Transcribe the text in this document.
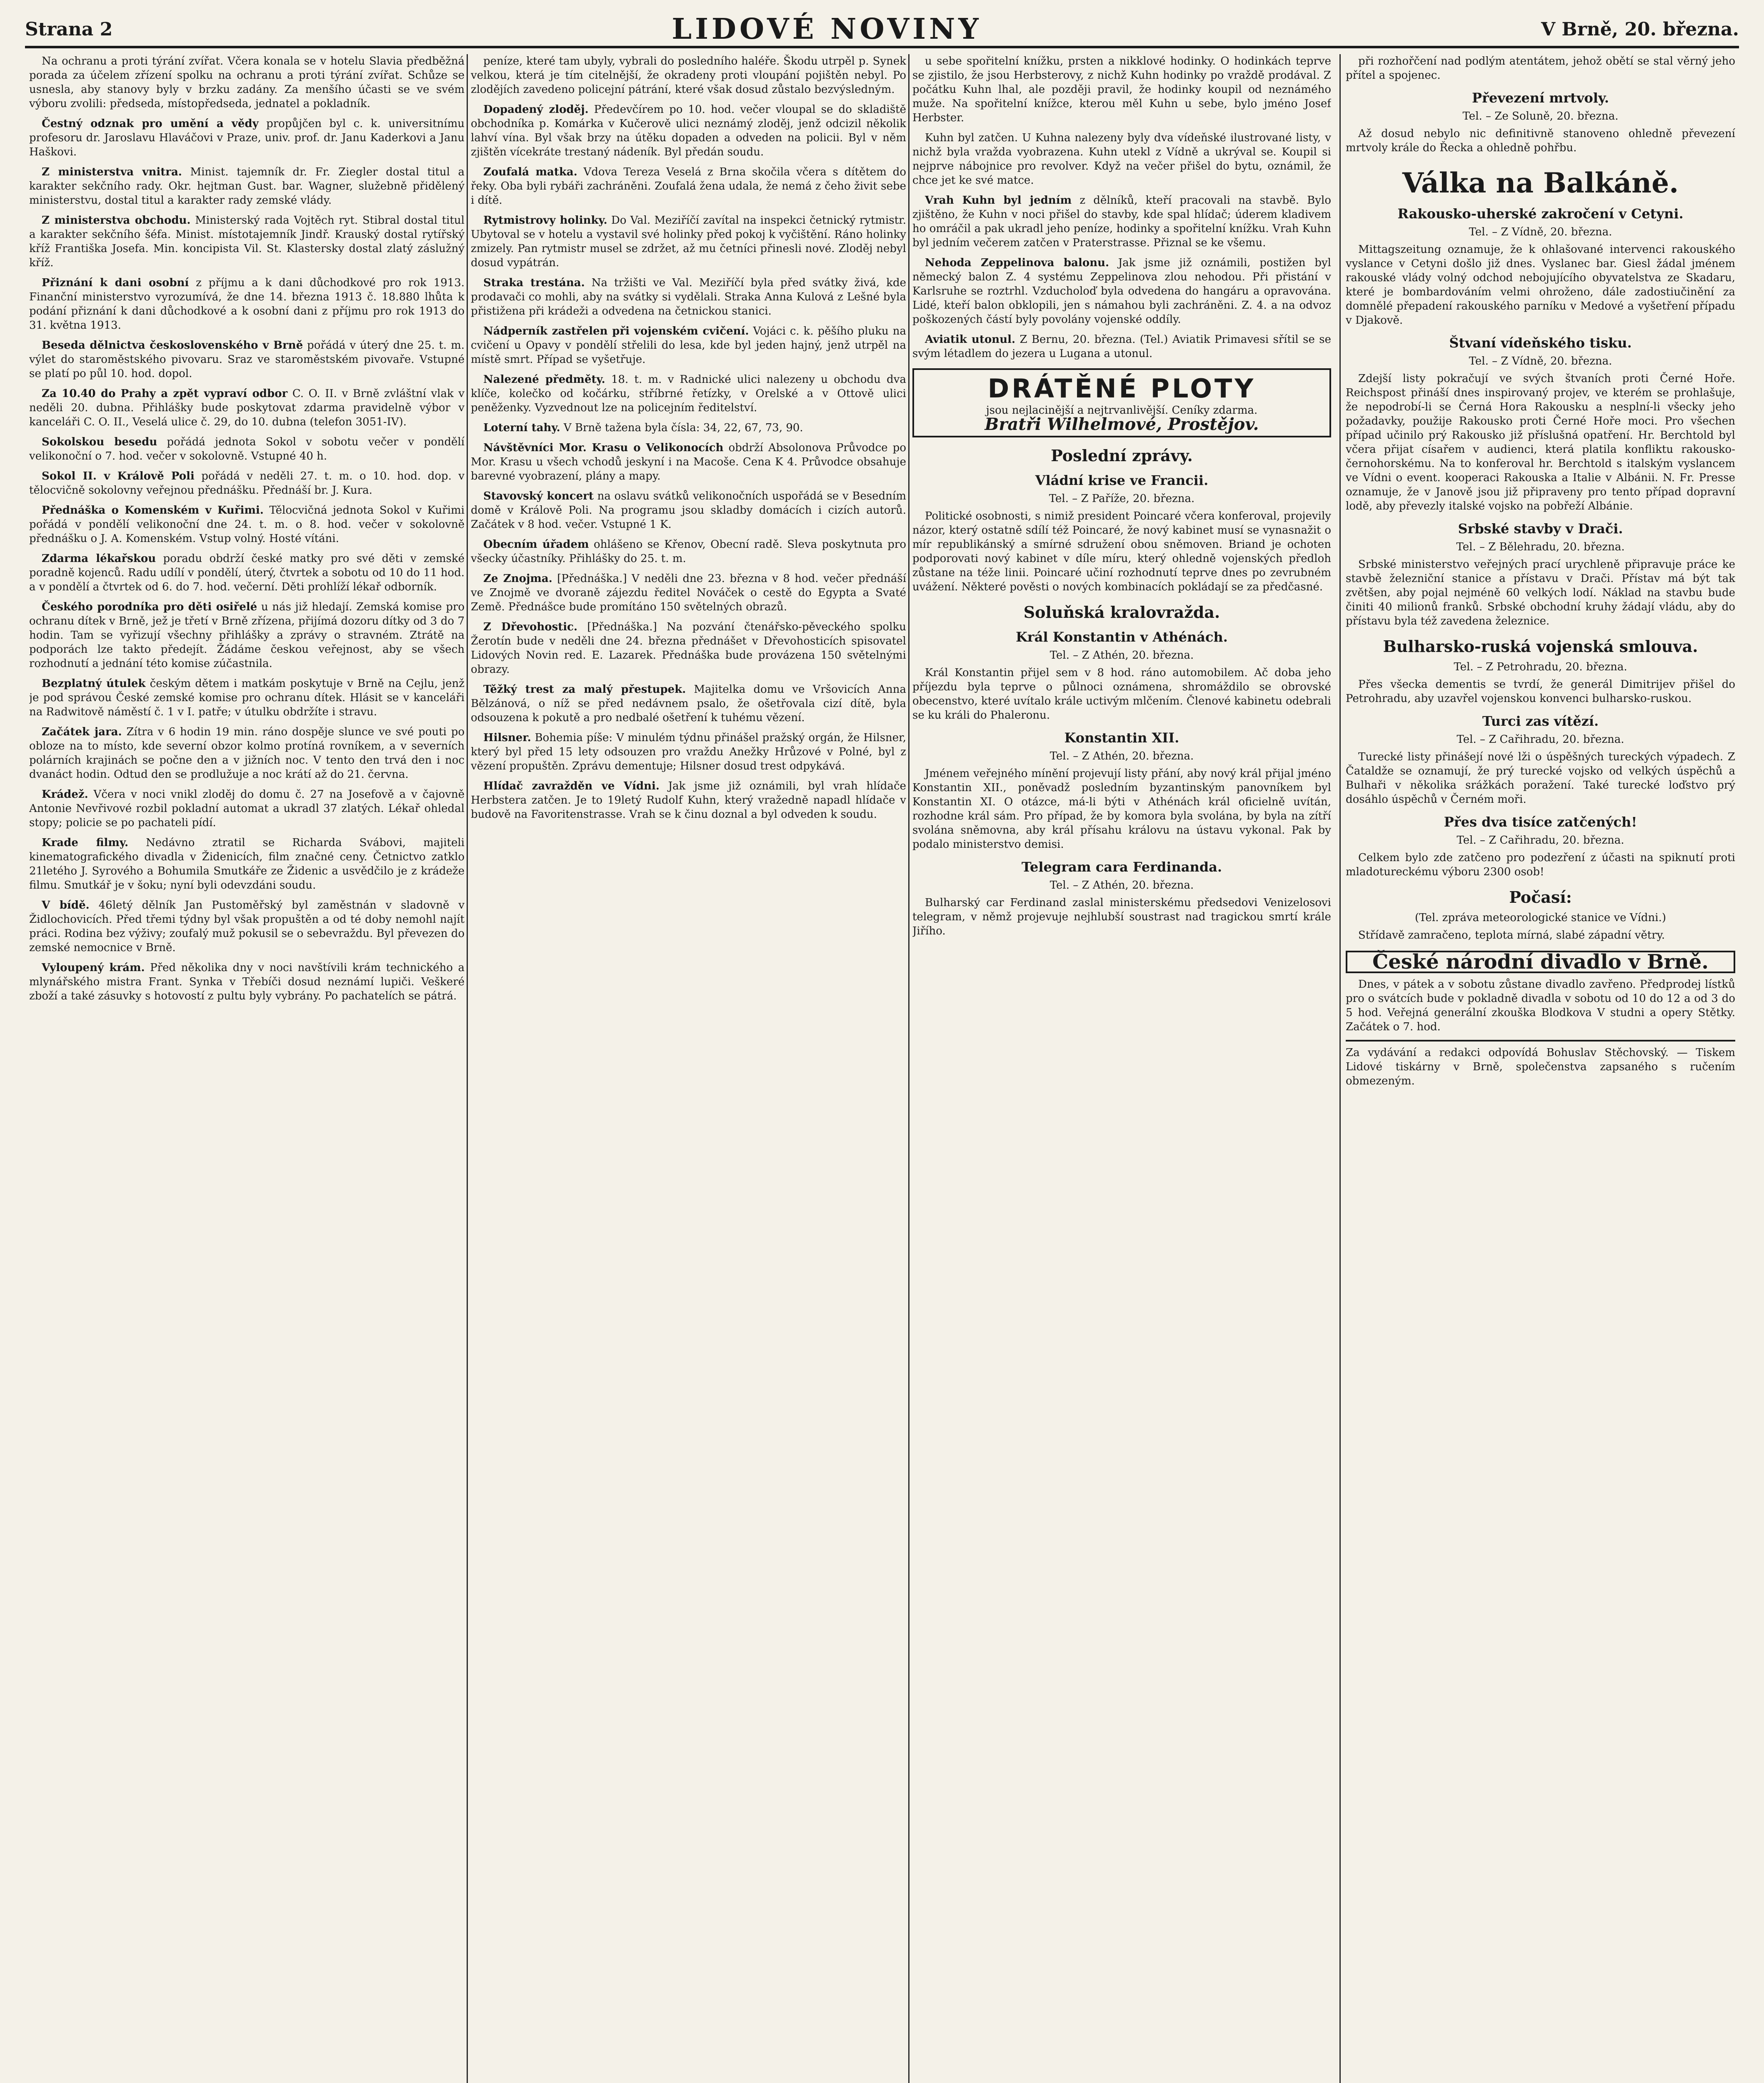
Strana 2	LIDOVÉ NOVINY	V Brně, 20. března.

Na ochranu a proti týrání zvířat. Včera konala se v hotelu Slavia předběžná porada za účelem zřízení spolku na ochranu a proti týrání zvířat. Schůze se usnesla, aby stanovy byly v brzku zadány. Za menšího účasti se ve svém výboru zvolili: předseda, místopředseda, jednatel a pokladník.

Čestný odznak pro umění a vědy propůjčen byl c. k. universitnímu profesoru dr. Jaroslavu Hlaváčovi v Praze, univ. prof. dr. Janu Kaderkovi a Janu Haškovi.

Z ministerstva vnitra. Minist. tajemník dr. Fr. Ziegler dostal titul a karakter sekčního rady. Okr. hejtman Gust. bar. Wagner, služebně přidělený ministerstvu, dostal titul a karakter rady zemské vlády.

Z ministerstva obchodu. Ministerský rada Vojtěch ryt. Stibral dostal titul a karakter sekčního šéfa. Minist. místotajemník Jindř. Krauský dostal rytířský kříž Františka Josefa. Min. koncipista Vil. St. Klastersky dostal zlatý záslužný kříž.

Přiznání k dani osobní z příjmu a k dani důchodkové pro rok 1913. Finanční ministerstvo vyrozumívá, že dne 14. března 1913 č. 18.880 lhůta k podání přiznání k dani důchodkové a k osobní dani z příjmu pro rok 1913 do 31. května 1913.

Beseda dělnictva československého v Brně pořádá v úterý dne 25. t. m. výlet do staroměstského pivovaru. Sraz ve staroměstském pivovaře. Vstupné se platí po půl 10. hod. dopol.

Za 10.40 do Prahy a zpět vypraví odbor C. O. II. v Brně zvláštní vlak v neděli 20. dubna. Přihlášky bude poskytovat zdarma pravidelně výbor v kanceláři C. O. II., Veselá ulice č. 29, do 10. dubna (telefon 3051-IV).

Sokolskou besedu pořádá jednota Sokol v sobotu večer v pondělí velikonoční o 7. hod. večer v sokolovně. Vstupné 40 h.

Sokol II. v Králově Poli pořádá v neděli 27. t. m. o 10. hod. dop. v tělocvičně sokolovny veřejnou přednášku. Přednáší br. J. Kura.

Přednáška o Komenském v Kuřimi. Tělocvičná jednota Sokol v Kuřimi pořádá v pondělí velikonoční dne 24. t. m. o 8. hod. večer v sokolovně přednášku o J. A. Komenském. Vstup volný. Hosté vítáni.

Zdarma lékařskou poradu obdrží české matky pro své děti v zemské poradně kojenců. Radu udílí v pondělí, úterý, čtvrtek a sobotu od 10 do 11 hod. a v pondělí a čtvrtek od 6. do 7. hod. večerní. Děti prohlíží lékař odborník.

Českého porodníka pro děti osiřelé u nás již hledají. Zemská komise pro ochranu dítek v Brně, jež je třetí v Brně zřízena, přijímá dozoru dítky od 3 do 7 hodin. Tam se vyřizují všechny přihlášky a zprávy o stravném. Ztrátě na podporách lze takto předejít. Žádáme českou veřejnost, aby se všech rozhodnutí a jednání této komise zúčastnila.

Bezplatný útulek českým dětem i matkám poskytuje v Brně na Cejlu, jenž je pod správou České zemské komise pro ochranu dítek. Hlásit se v kanceláři na Radwitově náměstí č. 1 v I. patře; v útulku obdržíte i stravu.

Začátek jara. Zítra v 6 hodin 19 min. ráno dospěje slunce ve své pouti po obloze na to místo, kde severní obzor kolmo protíná rovníkem, a v severních polárních krajinách se počne den a v jižních noc. V tento den trvá den i noc dvanáct hodin. Odtud den se prodlužuje a noc krátí až do 21. června.

Krádež. Včera v noci vnikl zloděj do domu č. 27 na Josefově a v čajovně Antonie Nevřivové rozbil pokladní automat a ukradl 37 zlatých. Lékař ohledal stopy; policie se po pachateli pídí.

Krade filmy. Nedávno ztratil se Richarda Svábovi, majiteli kinematografického divadla v Židenicích, film značné ceny. Četnictvo zatklo 21letého J. Syrového a Bohumila Smutkáře ze Židenic a usvědčilo je z krádeže filmu. Smutkář je v šoku; nyní byli odevzdáni soudu.

V bídě. 46letý dělník Jan Pustoměřský byl zaměstnán v sladovně v Židlochovicích. Před třemi týdny byl však propuštěn a od té doby nemohl najít práci. Rodina bez výživy; zoufalý muž pokusil se o sebevraždu. Byl převezen do zemské nemocnice v Brně.

Vyloupený krám. Před několika dny v noci navštívili krám technického a mlynářského mistra Frant. Synka v Třebíči dosud neznámí lupiči. Veškeré zboží a také zásuvky s hotovostí z pultu byly vybrány. Po pachatelích se pátrá.

peníze, které tam ubyly, vybrali do posledního haléře. Škodu utrpěl p. Synek velkou, která je tím citelnější, že okradeny proti vloupání pojištěn nebyl. Po zlodějích zavedeno policejní pátrání, které však dosud zůstalo bezvýsledným.

Dopadený zloděj. Předevčírem po 10. hod. večer vloupal se do skladiště obchodníka p. Komárka v Kučerově ulici neznámý zloděj, jenž odcizil několik lahví vína. Byl však brzy na útěku dopaden a odveden na policii. Byl v něm zjištěn vícekráte trestaný nádeník. Byl předán soudu.

Zoufalá matka. Vdova Tereza Veselá z Brna skočila včera s dítětem do řeky. Oba byli rybáři zachráněni. Zoufalá žena udala, že nemá z čeho živit sebe i dítě.

Rytmistrovy holinky. Do Val. Meziříčí zavítal na inspekci četnický rytmistr. Ubytoval se v hotelu a vystavil své holinky před pokoj k vyčištění. Ráno holinky zmizely. Pan rytmistr musel se zdržet, až mu četníci přinesli nové. Zloděj nebyl dosud vypátrán.

Straka trestána. Na tržišti ve Val. Meziříčí byla před svátky živá, kde prodavači co mohli, aby na svátky si vydělali. Straka Anna Kulová z Lešné byla přistižena při krádeži a odvedena na četnickou stanici.

Nádperník zastřelen při vojenském cvičení. Vojáci c. k. pěšího pluku na cvičení u Opavy v pondělí střelili do lesa, kde byl jeden hajný, jenž utrpěl na místě smrt. Případ se vyšetřuje.

Nalezené předměty. 18. t. m. v Radnické ulici nalezeny u obchodu dva klíče, kolečko od kočárku, stříbrné řetízky, v Orelské a v Ottově ulici peněženky. Vyzvednout lze na policejním ředitelství.

Loterní tahy. V Brně tažena byla čísla: 34, 22, 67, 73, 90.

Návštěvníci Mor. Krasu o Velikonocích obdrží Absolonova Průvodce po Mor. Krasu u všech vchodů jeskyní i na Macoše. Cena K 4. Průvodce obsahuje barevné vyobrazení, plány a mapy.

Stavovský koncert na oslavu svátků velikonočních uspořádá se v Besedním domě v Králově Poli. Na programu jsou skladby domácích i cizích autorů. Začátek v 8 hod. večer. Vstupné 1 K.

Obecním úřadem ohlášeno se Křenov, Obecní radě. Sleva poskytnuta pro všecky účastníky. Přihlášky do 25. t. m.

Ze Znojma. [Přednáška.] V neděli dne 23. března v 8 hod. večer přednáší ve Znojmě ve dvoraně zájezdu ředitel Nováček o cestě do Egypta a Svaté Země. Přednášce bude promítáno 150 světelných obrazů.

Z Dřevohostic. [Přednáška.] Na pozvání čtenářsko-pěveckého spolku Žerotín bude v neděli dne 24. března přednášet v Dřevohosticích spisovatel Lidových Novin red. E. Lazarek. Přednáška bude provázena 150 světelnými obrazy.

Těžký trest za malý přestupek. Majitelka domu ve Vršovicích Anna Bělzánová, o níž se před nedávnem psalo, že ošetřovala cizí dítě, byla odsouzena k pokutě a pro nedbalé ošetření k tuhému vězení.

Hilsner. Bohemia píše: V minulém týdnu přinášel pražský orgán, že Hilsner, který byl před 15 lety odsouzen pro vraždu Anežky Hrůzové v Polné, byl z vězení propuštěn. Zprávu dementuje; Hilsner dosud trest odpykává.

Hlídač zavražděn ve Vídni. Jak jsme již oznámili, byl vrah hlídače Herbstera zatčen. Je to 19letý Rudolf Kuhn, který vražedně napadl hlídače v budově na Favoritenstrasse. Vrah se k činu doznal a byl odveden k soudu.

u sebe spořitelní knížku, prsten a nikklové hodinky. O hodinkách teprve se zjistilo, že jsou Herbsterovy, z nichž Kuhn hodinky po vraždě prodával. Z počátku Kuhn lhal, ale později pravil, že hodinky koupil od neznámého muže. Na spořitelní knížce, kterou měl Kuhn u sebe, bylo jméno Josef Herbster.

Kuhn byl zatčen. U Kuhna nalezeny byly dva vídeňské ilustrované listy, v nichž byla vražda vyobrazena. Kuhn utekl z Vídně a ukrýval se. Koupil si nejprve nábojnice pro revolver. Když na večer přišel do bytu, oznámil, že chce jet ke své matce.

Vrah Kuhn byl jedním z dělníků, kteří pracovali na stavbě. Bylo zjištěno, že Kuhn v noci přišel do stavby, kde spal hlídač; úderem kladivem ho omráčil a pak ukradl jeho peníze, hodinky a spořitelní knížku. Vrah Kuhn byl jedním večerem zatčen v Praterstrasse. Přiznal se ke všemu.

Nehoda Zeppelinova balonu. Jak jsme již oznámili, postižen byl německý balon Z. 4 systému Zeppelinova zlou nehodou. Při přistání v Karlsruhe se roztrhl. Vzducholoď byla odvedena do hangáru a opravována. Lidé, kteří balon obklopili, jen s námahou byli zachráněni. Z. 4. a na odvoz poškozených částí byly povolány vojenské oddíly.

Aviatik utonul. Z Bernu, 20. března. (Tel.) Aviatik Primavesi sřítil se se svým létadlem do jezera u Lugana a utonul.

DRÁTĚNÉ PLOTY
jsou nejlacinější a nejtrvanlivější. Ceníky zdarma.
Bratři Wilhelmové, Prostějov.
Poslední zprávy.
Vládní krise ve Francii.
Tel. – Z Paříže, 20. března.

Politické osobnosti, s nimiž president Poincaré včera konferoval, projevily názor, který ostatně sdílí též Poincaré, že nový kabinet musí se vynasnažit o mír republikánský a smírné sdružení obou sněmoven. Briand je ochoten podporovati nový kabinet v díle míru, který ohledně vojenských předloh zůstane na téže linii. Poincaré učiní rozhodnutí teprve dnes po zevrubném uvážení. Některé pověsti o nových kombinacích pokládají se za předčasné.

Soluňská kralovražda.
Král Konstantin v Athénách.
Tel. – Z Athén, 20. března.

Král Konstantin přijel sem v 8 hod. ráno automobilem. Ač doba jeho příjezdu byla teprve o půlnoci oznámena, shromáždilo se obrovské obecenstvo, které uvítalo krále uctivým mlčením. Členové kabinetu odebrali se ku králi do Phaleronu.

Konstantin XII.
Tel. – Z Athén, 20. března.

Jménem veřejného mínění projevují listy přání, aby nový král přijal jméno Konstantin XII., poněvadž posledním byzantinským panovníkem byl Konstantin XI. O otázce, má-li býti v Athénách král oficielně uvítán, rozhodne král sám. Pro případ, že by komora byla svolána, by byla na zítří svolána sněmovna, aby král přísahu královu na ústavu vykonal. Pak by podalo ministerstvo demisi.

Telegram cara Ferdinanda.
Tel. – Z Athén, 20. března.

Bulharský car Ferdinand zaslal ministerskému předsedovi Venizelosovi telegram, v němž projevuje nejhlubší soustrast nad tragickou smrtí krále Jiřího.

při rozhořčení nad podlým atentátem, jehož obětí se stal věrný jeho přítel a spojenec.

Převezení mrtvoly.
Tel. – Ze Soluně, 20. března.

Až dosud nebylo nic definitivně stanoveno ohledně převezení mrtvoly krále do Řecka a ohledně pohřbu.

Válka na Balkáně.
Rakousko-uherské zakročení v Cetyni.
Tel. – Z Vídně, 20. března.

Mittagszeitung oznamuje, že k ohlašované intervenci rakouského vyslance v Cetyni došlo již dnes. Vyslanec bar. Giesl žádal jménem rakouské vlády volný odchod nebojujícího obyvatelstva ze Skadaru, které je bombardováním velmi ohroženo, dále zadostiučinění za domnělé přepadení rakouského parníku v Medové a vyšetření případu v Djakově.

Štvaní vídeňského tisku.
Tel. – Z Vídně, 20. března.

Zdejší listy pokračují ve svých štvaních proti Černé Hoře. Reichspost přináší dnes inspirovaný projev, ve kterém se prohlašuje, že nepodrobí-li se Černá Hora Rakousku a nesplní-li všecky jeho požadavky, použije Rakousko proti Černé Hoře moci. Pro všechen případ učinilo prý Rakousko již příslušná opatření. Hr. Berchtold byl včera přijat císařem v audienci, která platila konfliktu rakousko-černohorskému. Na to konferoval hr. Berchtold s italským vyslancem ve Vídni o event. kooperaci Rakouska a Italie v Albánii. N. Fr. Presse oznamuje, že v Janově jsou již připraveny pro tento případ dopravní lodě, aby převezly italské vojsko na pobřeží Albánie.

Srbské stavby v Drači.
Tel. – Z Bělehradu, 20. března.

Srbské ministerstvo veřejných prací urychleně připravuje práce ke stavbě železniční stanice a přístavu v Drači. Přístav má být tak zvětšen, aby pojal nejméně 60 velkých lodí. Náklad na stavbu bude činiti 40 milionů franků. Srbské obchodní kruhy žádají vládu, aby do přístavu byla též zavedena železnice.

Bulharsko-ruská vojenská smlouva.
Tel. – Z Petrohradu, 20. března.

Přes všecka dementis se tvrdí, že generál Dimitrijev přišel do Petrohradu, aby uzavřel vojenskou konvenci bulharsko-ruskou.

Turci zas vítězí.
Tel. – Z Cařihradu, 20. března.

Turecké listy přinášejí nové lži o úspěšných tureckých výpadech. Z Čataldže se oznamují, že prý turecké vojsko od velkých úspěchů a Bulhaři v několika srážkách poražení. Také turecké loďstvo prý dosáhlo úspěchů v Černém moři.

Přes dva tisíce zatčených!
Tel. – Z Cařihradu, 20. března.

Celkem bylo zde zatčeno pro podezření z účasti na spiknutí proti mladotureckému výboru 2300 osob!

Počasí:
(Tel. zpráva meteorologické stanice ve Vídni.)

Střídavě zamračeno, teplota mírná, slabé západní větry.

České národní divadlo v Brně.

Dnes, v pátek a v sobotu zůstane divadlo zavřeno. Předprodej lístků pro o svátcích bude v pokladně divadla v sobotu od 10 do 12 a od 3 do 5 hod. Veřejná generální zkouška Blodkova V studni a opery Stětky. Začátek o 7. hod.

Za vydávání a redakci odpovídá Bohuslav Stěchovský. — Tiskem Lidové tiskárny v Brně, společenstva zapsaného s ručením obmezeným.
